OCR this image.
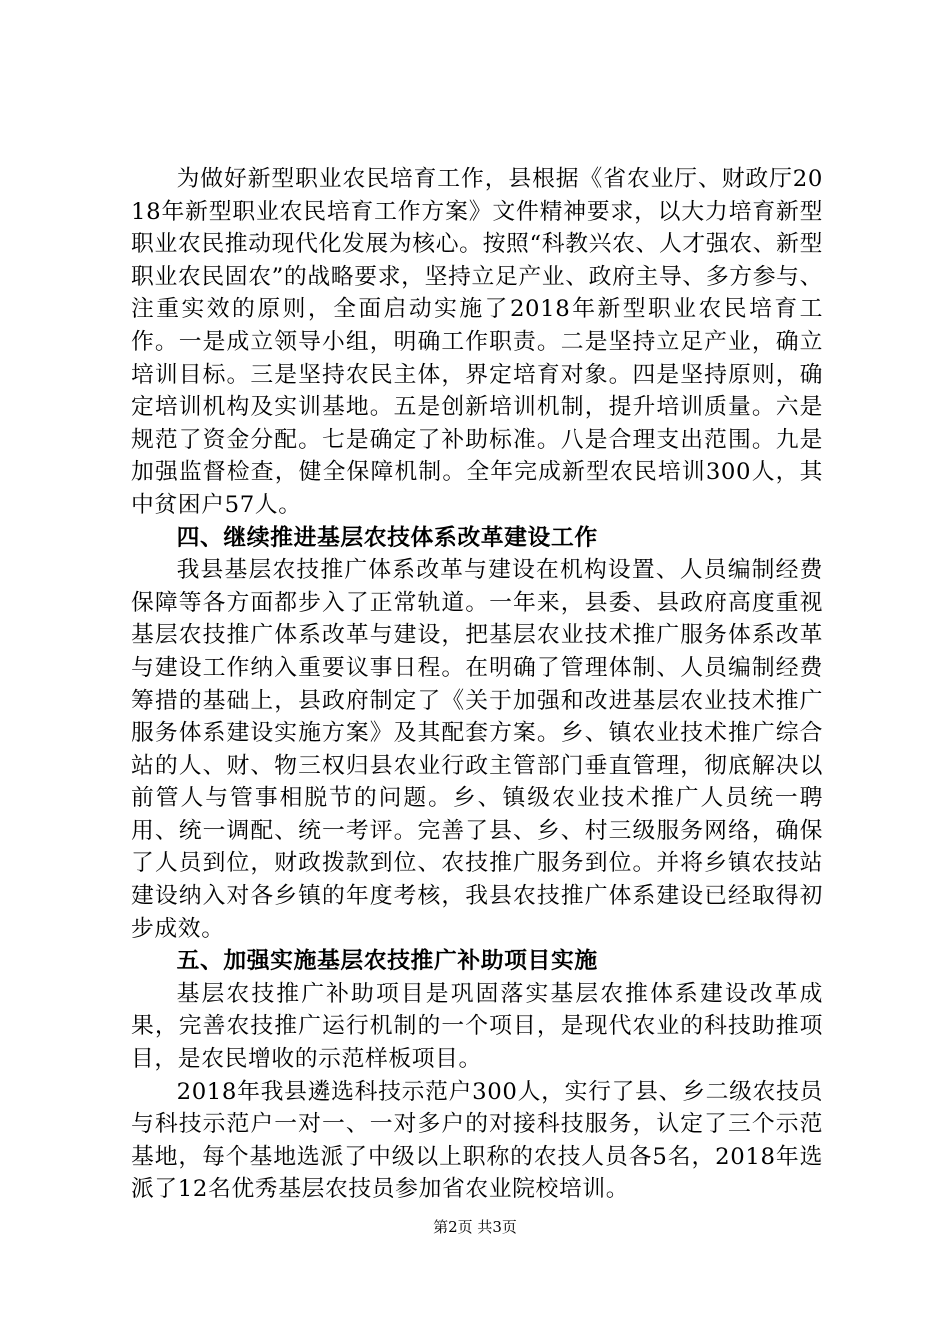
为做好新型职业农民培育工作，县根据《省农业厅、财政厅2018年新型职业农民培育工作方案》文件精神要求，以大力培育新型职业农民推动现代化发展为核心。按照“科教兴农、人才强农、新型职业农民固农”的战略要求，坚持立足产业、政府主导、多方参与、注重实效的原则，全面启动实施了2018年新型职业农民培育工作。一是成立领导小组，明确工作职责。二是坚持立足产业，确立培训目标。三是坚持农民主体，界定培育对象。四是坚持原则，确定培训机构及实训基地。五是创新培训机制，提升培训质量。六是规范了资金分配。七是确定了补助标准。八是合理支出范围。九是加强监督检查，健全保障机制。全年完成新型农民培训300人，其中贫困户57人。

四、继续推进基层农技体系改革建设工作

我县基层农技推广体系改革与建设在机构设置、人员编制经费保障等各方面都步入了正常轨道。一年来，县委、县政府高度重视基层农技推广体系改革与建设，把基层农业技术推广服务体系改革与建设工作纳入重要议事日程。在明确了管理体制、人员编制经费筹措的基础上，县政府制定了《关于加强和改进基层农业技术推广服务体系建设实施方案》及其配套方案。乡、镇农业技术推广综合站的人、财、物三权归县农业行政主管部门垂直管理，彻底解决以前管人与管事相脱节的问题。乡、镇级农业技术推广人员统一聘用、统一调配、统一考评。完善了县、乡、村三级服务网络，确保了人员到位，财政拨款到位、农技推广服务到位。并将乡镇农技站建设纳入对各乡镇的年度考核，我县农技推广体系建设已经取得初步成效。

五、加强实施基层农技推广补助项目实施

基层农技推广补助项目是巩固落实基层农推体系建设改革成果，完善农技推广运行机制的一个项目，是现代农业的科技助推项目，是农民增收的示范样板项目。

2018年我县遴选科技示范户300人，实行了县、乡二级农技员与科技示范户一对一、一对多户的对接科技服务，认定了三个示范基地，每个基地选派了中级以上职称的农技人员各5名，2018年选派了12名优秀基层农技员参加省农业院校培训。

第2页 共3页
